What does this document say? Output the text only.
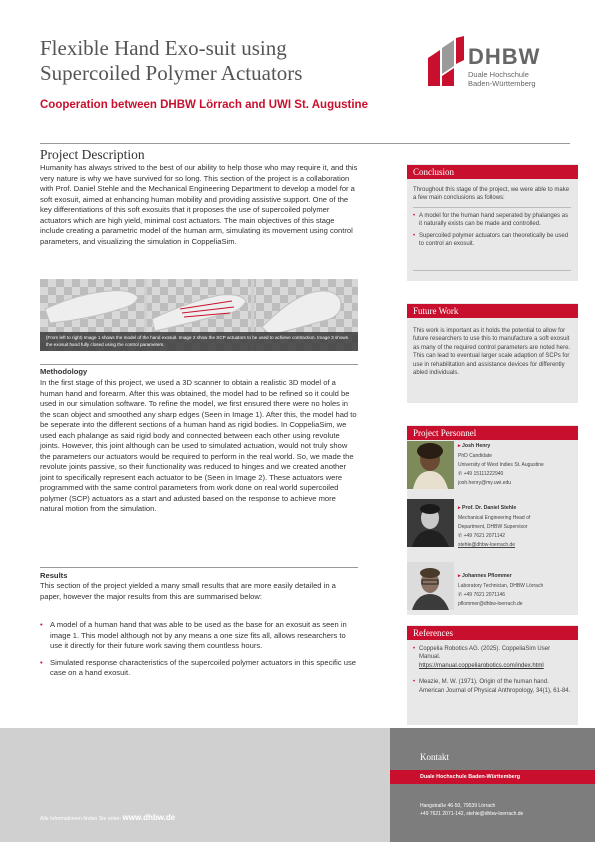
Flexible Hand Exo-suit using Supercoiled Polymer Actuators
DHBW
Duale Hochschule
Baden-Württemberg
Cooperation between DHBW Lörrach and UWI St. Augustine
Project Description
Humanity has always strived to the best of our ability to help those who may require it, and this very nature is why we have survived for so long. This section of the project is a collaboration with Prof. Daniel Stehle and the Mechanical Engineering Department to develop a model for a soft exosuit, aimed at enhancing human mobility and providing assistive support. One of the key differentiations of this soft exosuits that it proposes the use of supercoiled polymer actuators which are high yield, minimal cost actuators. The main objectives of this stage include creating a parametric model of the human arm, simulating its movement using control parameters, and visualizing the simulation in CoppeliaSim.
(From left to right) Image 1 shows the model of the hand exosuit. Image 2 show the SCP actuators to be used to achieve contraction. Image 3 shows the exosuit hand fully closed using the control parameters.
Methodology
In the first stage of this project, we used a 3D scanner to obtain a realistic 3D model of a human hand and forearm. After this was obtained, the model had to be refined so it could be used in our simulation software. To refine the model, we first ensured there were no holes in the scan object and smoothed any sharp edges (Seen in Image 1). After this, the model had to be seperate into the different sections of a human hand as rigid bodies. In CoppeliaSim, we used each phalange as said rigid body and connected between each other using revolute joints. However, this joint although can be used to simulated actuation, would not truly show the parameters our actuators would be required to perform in the real world. So, we made the revolute joints passive, so their functionality was reduced to hinges and we created another joint to specifically represent each actuator to be (Seen in Image 2). These actuators were programmed with the same control parameters from work done on real world supercoiled polymer (SCP) actuators as a start and adusted based on the response to achieve more natural motion from the simulation.
Results
This section of the project yielded a many small results that are more easily detailed in a paper, however the major results from this are summarised below:
• A model of a human hand that was able to be used as the base for an exosuit as seen in image 1. This model although not by any means a one size fits all, allows researchers to use it directly for their future work saving them countless hours.
• Simulated response characteristics of the supercoiled polymer actuators in this specific use case on a hand exosuit.
Conclusion
Throughout this stage of the project, we were able to make a few main conclusions as follows:
• A model for the human hand seperated by phalanges as it naturally exists can be made and controlled.
• Supercoiled polymer actuators can theoretically be used to control an exosuit.
Future Work
This work is important as it holds the potential to allow for future researchers to use this to manufacture a soft exosuit as many of the required control parameters are noted here. This can lead to eventual larger scale adaption of SCPs for use in rehabilitation and assistance devices for differently abled individuals.
Project Personnel
▸ Josh Henry
PhD Candidate
University of West Indies St. Augustine
✆ +49 15111222940
josh.henry@my.uwi.edu
▸ Prof. Dr. Daniel Stehle
Mechanical Engineering Head of
Department, DHBW Supervisor
✆ +49 7621 2071142
stehle@dhbw-loerrach.de
▸ Johannes Pflommer
Laboratory Technician, DHBW Lörrach
✆ +49 7621 2071146
pflommer@dhbw-loerrach.de
References
• Coppelia Robotics AG. (2025). CoppeliaSim User Manual.
https://manual.coppeliarobotics.com/index.html
• Meazie, M. W. (1971). Origin of the human hand. American Journal of Physical Anthropology, 34(1), 61-84.
Kontakt
Duale Hochschule Baden-Württemberg
Hangstraße 46-50, 79539 Lörrach
+49 7621 2071-142, stehle@dhbw-loerrach.de
Alle Informationen finden Sie unter: www.dhbw.de
